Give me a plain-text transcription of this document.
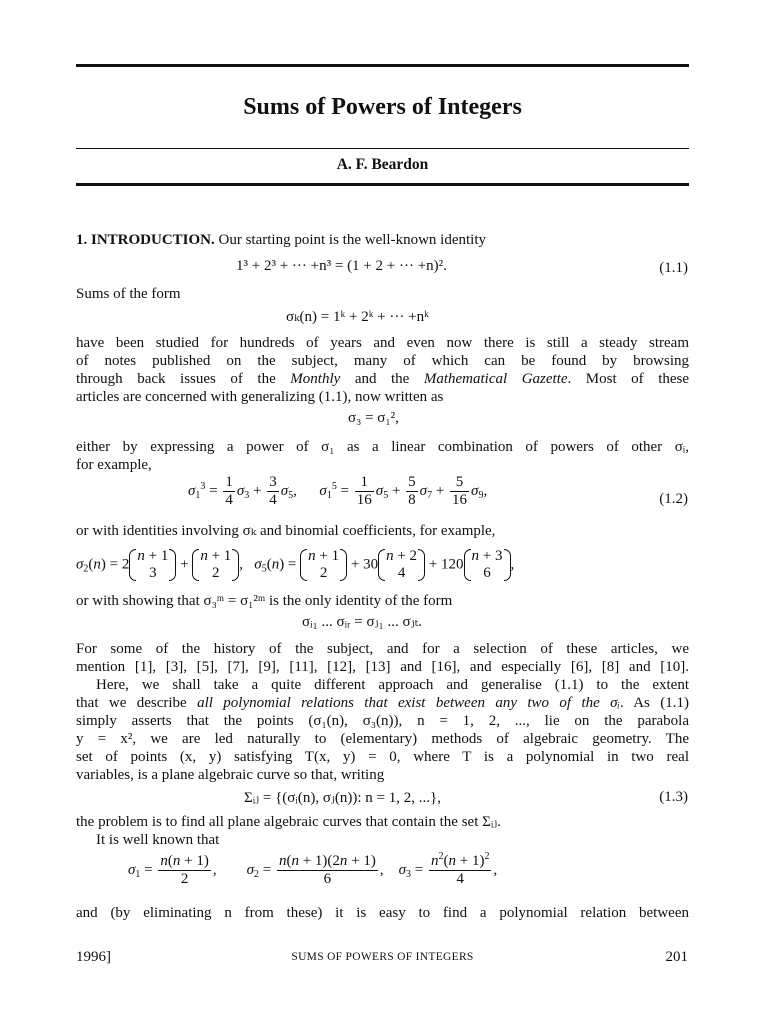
Sums of Powers of Integers
A. F. Beardon
1. INTRODUCTION. Our starting point is the well-known identity
1³ + 2³ + ··· +n³ = (1 + 2 + ··· +n)².	(1.1)
Sums of the form
σₖ(n) = 1ᵏ + 2ᵏ + ··· +nᵏ
have been studied for hundreds of years and even now there is still a steady stream
of notes published on the subject, many of which can be found by browsing
through back issues of the Monthly and the Mathematical Gazette. Most of these
articles are concerned with generalizing (1.1), now written as
σ₃ = σ₁²,
either by expressing a power of σ₁ as a linear combination of powers of other σᵢ,
for example,
$\sigma_1^3 = \frac{1}{4} \sigma_3 + \frac{3}{4} \sigma_5$,      $\sigma_1^5 = \frac{1}{16} \sigma_5 + \frac{5}{8} \sigma_7 + \frac{5}{16} \sigma_9$,
(1.2)
or with identities involving σₖ and binomial coefficients, for example,
$\sigma_2(n) = 2$
n + 1
3
+
n + 1
2
,   $\sigma_5(n)$ =
n + 1
2
+ 30
n + 2
4
+ 120
n + 3
6
,
or with showing that σ₃ᵐ = σ₁²ᵐ is the only identity of the form
σᵢ₁ ... σᵢᵣ = σⱼ₁ ... σⱼₜ.
For some of the history of the subject, and for a selection of these articles, we
mention [1], [3], [5], [7], [9], [11], [12], [13] and [16], and especially [6], [8] and [10].
Here, we shall take a quite different approach and generalise (1.1) to the extent
that we describe all polynomial relations that exist between any two of the σᵢ. As (1.1)
simply asserts that the points (σ₁(n), σ₃(n)), n = 1, 2, ..., lie on the parabola
y = x², we are led naturally to (elementary) methods of algebraic geometry. The
set of points (x, y) satisfying T(x, y) = 0, where T is a polynomial in two real
variables, is a plane algebraic curve so that, writing
Σᵢⱼ = {(σᵢ(n), σⱼ(n)): n = 1, 2, ...},	(1.3)
the problem is to find all plane algebraic curves that contain the set Σᵢⱼ.
It is well known that
$\sigma_1 = \frac{n(n + 1)}{2}$ ,        $\sigma_2 = \frac{n(n + 1)(2n + 1)}{6}$ ,    $\sigma_3 = \frac{n^2(n + 1)^2}{4}$ ,
and (by eliminating n from these) it is easy to find a polynomial relation between
1996]	SUMS OF POWERS OF INTEGERS	201
